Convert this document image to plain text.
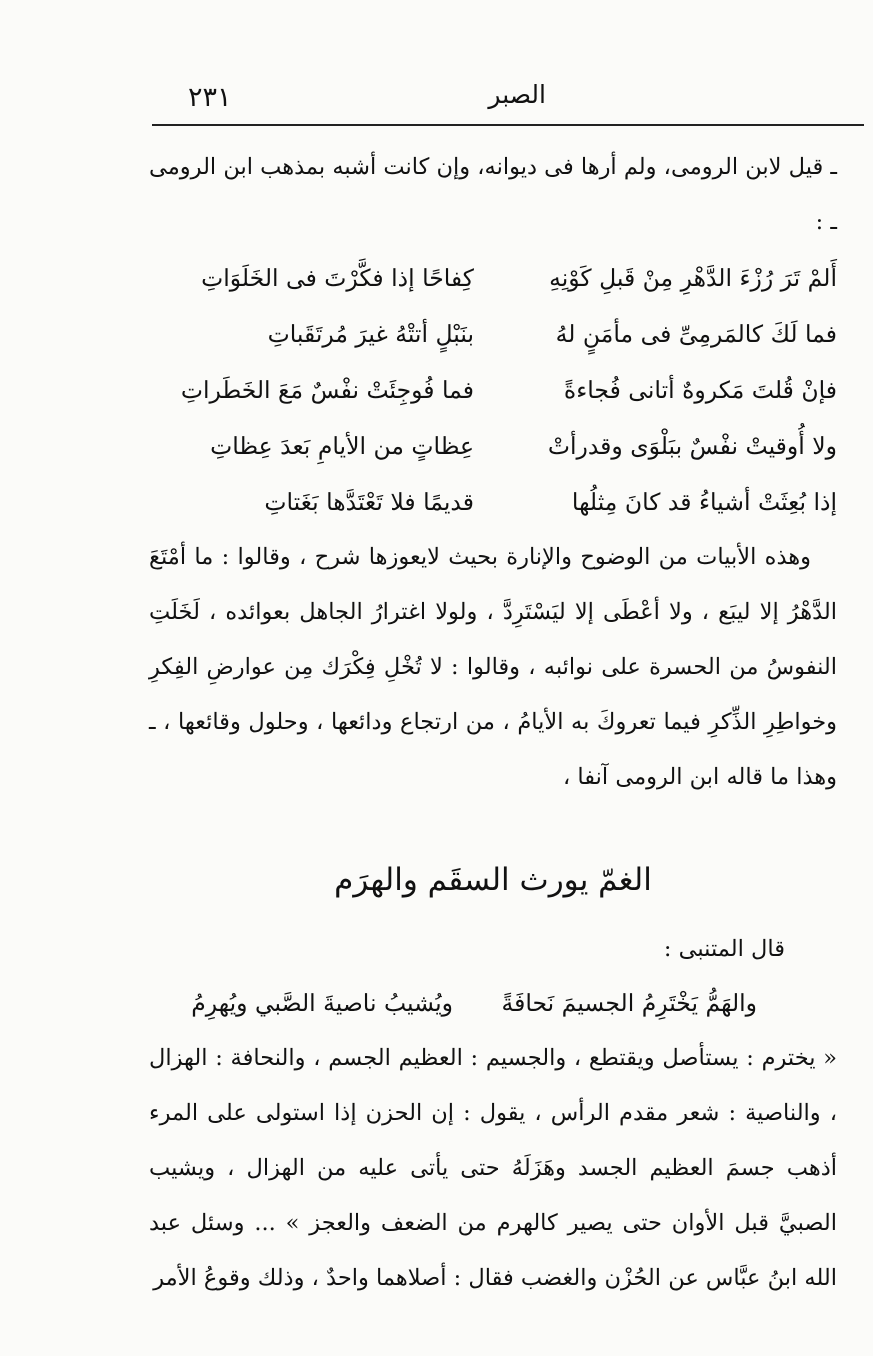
٢٣١	الصبر

ـ قيل لابن الرومى، ولم أرها فى ديوانه، وإن كانت أشبه بمذهب ابن الرومى ـ :

أَلمْ تَرَ رُزْءَ الدَّهْرِ مِنْ قَبلِ كَوْنِهِ
كِفاحًا إذا فكَّرْتَ فى الخَلَوَاتِ
فما لَكَ كالمَرمِىِّ فى مأمَنٍ لهُ
بنَبْلٍ أتتْهُ غيرَ مُرتَقَباتِ
فإنْ قُلتَ مَكروهٌ أتانى فُجاءةً
فما فُوجِئَتْ نفْسٌ مَعَ الخَطَراتِ
ولا أُوقيتْ نفْسٌ ببَلْوَى وقدرأتْ
عِظاتٍ من الأيامِ بَعدَ عِظاتِ
إذا بُعِثَتْ أشياءُ قد كانَ مِثلُها
قديمًا فلا تَعْتَدَّها بَغَتاتِ

وهذه الأبيات من الوضوح والإنارة بحيث لايعوزها شرح ، وقالوا : ما أمْتَعَ الدَّهْرُ إلا ليبَع ، ولا أعْطَى إلا ليَسْتَرِدَّ ، ولولا اغترارُ الجاهل بعوائده ، لَخَلَتِ النفوسُ من الحسرة على نوائبه ، وقالوا : لا تُخْلِ فِكْرَك مِن عوارضِ الفِكرِ وخواطِرِ الذِّكرِ فيما تعروكَ به الأيامُ ، من ارتجاع ودائعها ، وحلول وقائعها ، ـ وهذا ما قاله ابن الرومى آنفا ،

الغمّ يورث السقَم والهرَم

قال المتنبى :

والهَمُّ يَخْتَرِمُ الجسيمَ نَحافَةً
ويُشيبُ ناصيةَ الصَّبي ويُهرِمُ

« يخترم : يستأصل ويقتطع ، والجسيم : العظيم الجسم ، والنحافة : الهزال ، والناصية : شعر مقدم الرأس ، يقول : إن الحزن إذا استولى على المرء أذهب جسمَ العظيم الجسد وهَزَلَهُ حتى يأتى عليه من الهزال ، ويشيب الصبيَّ قبل الأوان حتى يصير كالهرم من الضعف والعجز » ... وسئل عبد الله ابنُ عبَّاس عن الحُزْن والغضب فقال : أصلاهما واحدٌ ، وذلك وقوعُ الأمر
